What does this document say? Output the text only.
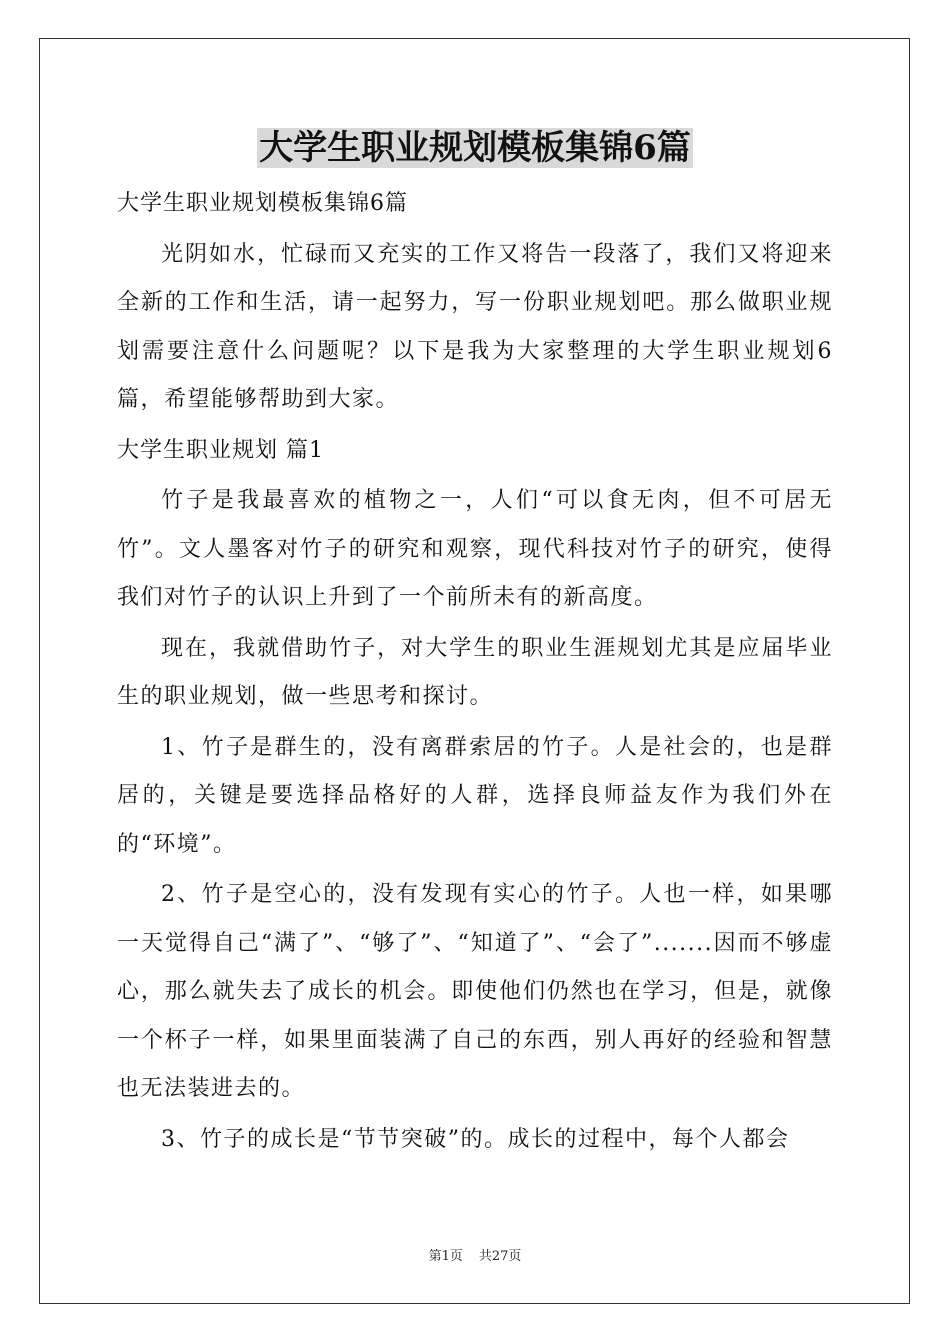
大学生职业规划模板集锦6篇

大学生职业规划模板集锦6篇

光阴如水，忙碌而又充实的工作又将告一段落了，我们又将迎来全新的工作和生活，请一起努力，写一份职业规划吧。那么做职业规划需要注意什么问题呢？以下是我为大家整理的大学生职业规划6篇，希望能够帮助到大家。

大学生职业规划 篇1

竹子是我最喜欢的植物之一，人们“可以食无肉，但不可居无竹”。文人墨客对竹子的研究和观察，现代科技对竹子的研究，使得我们对竹子的认识上升到了一个前所未有的新高度。

现在，我就借助竹子，对大学生的职业生涯规划尤其是应届毕业生的职业规划，做一些思考和探讨。

1、竹子是群生的，没有离群索居的竹子。人是社会的，也是群居的，关键是要选择品格好的人群，选择良师益友作为我们外在的“环境”。

2、竹子是空心的，没有发现有实心的竹子。人也一样，如果哪一天觉得自己“满了”、“够了”、“知道了”、“会了”.......因而不够虚心，那么就失去了成长的机会。即使他们仍然也在学习，但是，就像一个杯子一样，如果里面装满了自己的东西，别人再好的经验和智慧也无法装进去的。

3、竹子的成长是“节节突破”的。成长的过程中，每个人都会

第1页 共27页
